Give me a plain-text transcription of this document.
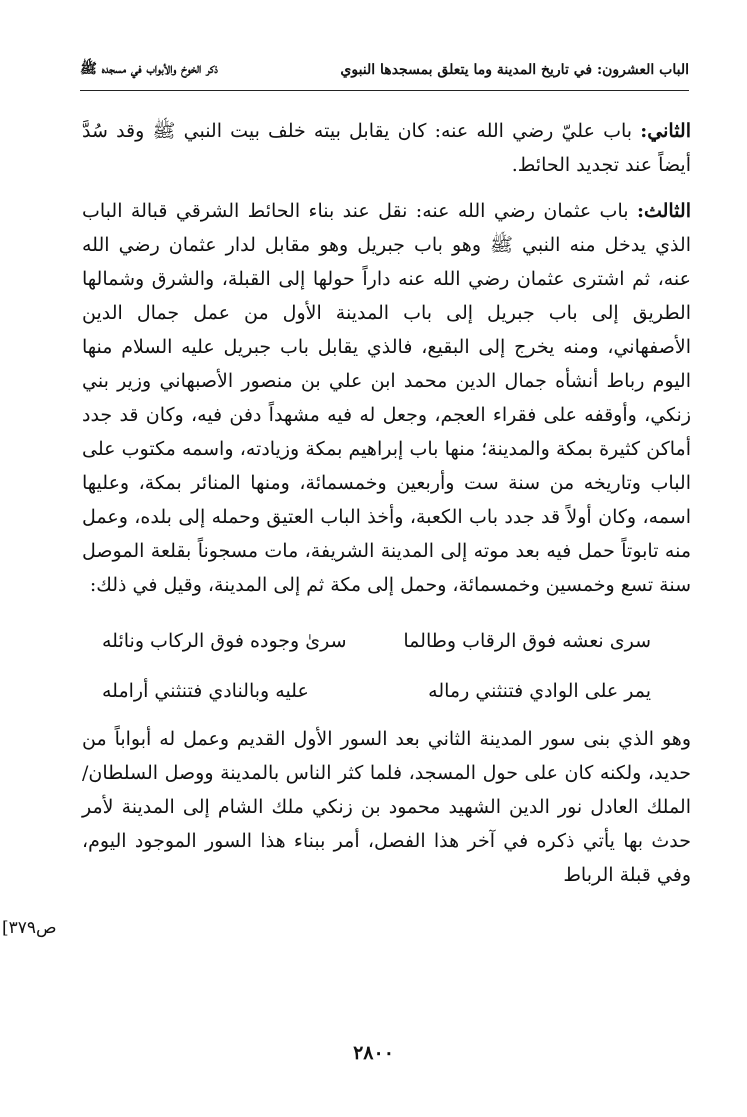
الباب العشرون: في تاريخ المدينة وما يتعلق بمسجدها النبوي
ذكر الخوخ والأبواب في مسجده ﷺ

الثاني: باب عليّ رضي الله عنه: كان يقابل بيته خلف بيت النبي ﷺ وقد سُدَّ أيضاً عند تجديد الحائط.

الثالث: باب عثمان رضي الله عنه: نقل عند بناء الحائط الشرقي قبالة الباب الذي يدخل منه النبي ﷺ وهو باب جبريل وهو مقابل لدار عثمان رضي الله عنه، ثم اشترى عثمان رضي الله عنه داراً حولها إلى القبلة، والشرق وشمالها الطريق إلى باب جبريل إلى باب المدينة الأول من عمل جمال الدين الأصفهاني، ومنه يخرج إلى البقيع، فالذي يقابل باب جبريل عليه السلام منها اليوم رباط أنشأه جمال الدين محمد ابن علي بن منصور الأصبهاني وزير بني زنكي، وأوقفه على فقراء العجم، وجعل له فيه مشهداً دفن فيه، وكان قد جدد أماكن كثيرة بمكة والمدينة؛ منها باب إبراهيم بمكة وزيادته، واسمه مكتوب على الباب وتاريخه من سنة ست وأربعين وخمسمائة، ومنها المنائر بمكة، وعليها اسمه، وكان أولاً قد جدد باب الكعبة، وأخذ الباب العتيق وحمله إلى بلده، وعمل منه تابوتاً حمل فيه بعد موته إلى المدينة الشريفة، مات مسجوناً بقلعة الموصل سنة تسع وخمسين وخمسمائة، وحمل إلى مكة ثم إلى المدينة، وقيل في ذلك:

سرى نعشه فوق الرقاب وطالما
سرىٰ وجوده فوق الركاب ونائله
يمر على الوادي فتنثني رماله
عليه وبالنادي فتنثني أرامله

وهو الذي بنى سور المدينة الثاني بعد السور الأول القديم وعمل له أبواباً من حديد، ولكنه كان على حول المسجد، فلما كثر الناس بالمدينة ووصل السلطان/ الملك العادل نور الدين الشهيد محمود بن زنكي ملك الشام إلى المدينة لأمر حدث بها يأتي ذكره في آخر هذا الفصل، أمر ببناء هذا السور الموجود اليوم، وفي قبلة الرباط

[ص٣٧٩
٢٨٠٠
